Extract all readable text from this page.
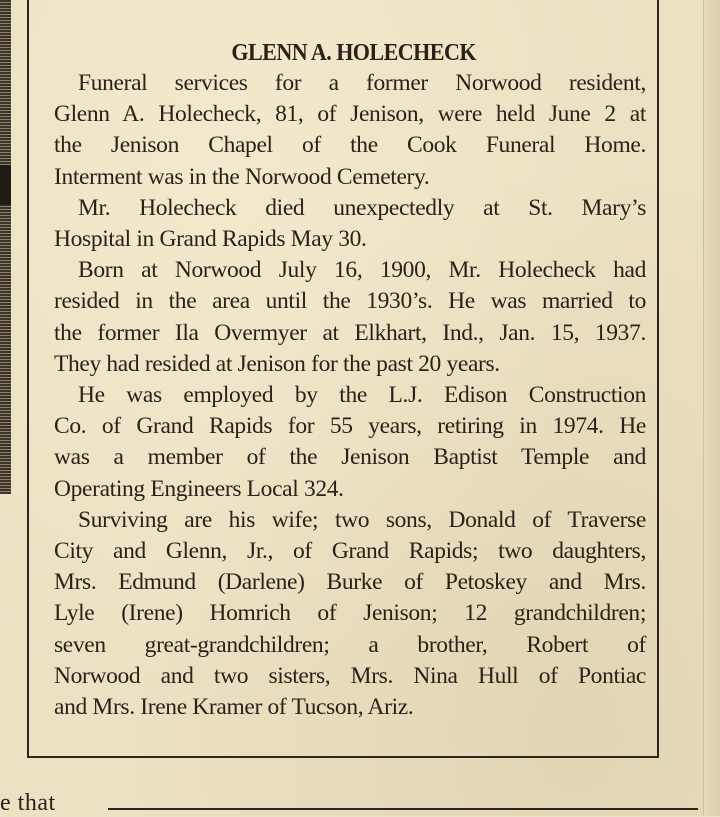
GLENN A. HOLECHECK
Funeral services for a former Norwood resident,
Glenn A. Holecheck, 81, of Jenison, were held June 2 at
the Jenison Chapel of the Cook Funeral Home.
Interment was in the Norwood Cemetery.
Mr. Holecheck died unexpectedly at St. Mary’s
Hospital in Grand Rapids May 30.
Born at Norwood July 16, 1900, Mr. Holecheck had
resided in the area until the 1930’s. He was married to
the former Ila Overmyer at Elkhart, Ind., Jan. 15, 1937.
They had resided at Jenison for the past 20 years.
He was employed by the L.J. Edison Construction
Co. of Grand Rapids for 55 years, retiring in 1974. He
was a member of the Jenison Baptist Temple and
Operating Engineers Local 324.
Surviving are his wife; two sons, Donald of Traverse
City and Glenn, Jr., of Grand Rapids; two daughters,
Mrs. Edmund (Darlene) Burke of Petoskey and Mrs.
Lyle (Irene) Homrich of Jenison; 12 grandchildren;
seven great-grandchildren; a brother, Robert of
Norwood and two sisters, Mrs. Nina Hull of Pontiac
and Mrs. Irene Kramer of Tucson, Ariz.
e that
